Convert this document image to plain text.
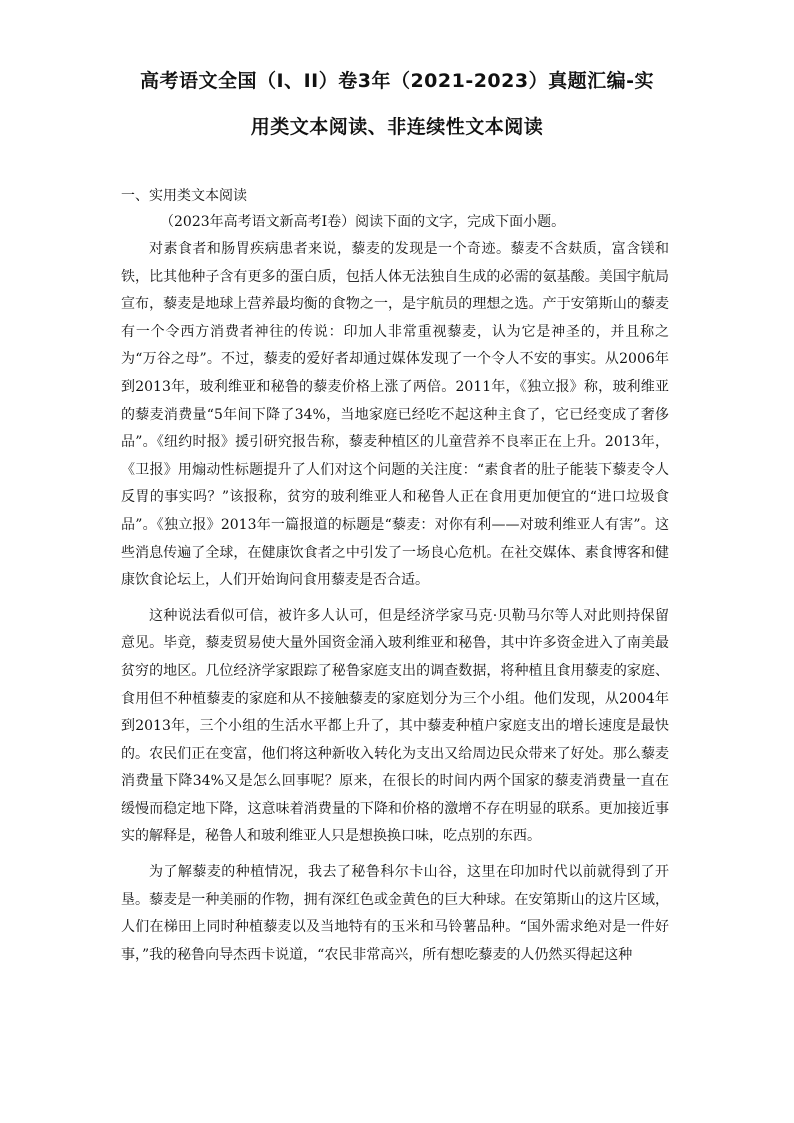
高考语文全国（I、II）卷3年（2021-2023）真题汇编-实
用类文本阅读、非连续性文本阅读

一、实用类文本阅读

（2023年高考语文新高考Ⅰ卷）阅读下面的文字，完成下面小题。

对素食者和肠胃疾病患者来说，藜麦的发现是一个奇迹。藜麦不含麸质，富含镁和铁，比其他种子含有更多的蛋白质，包括人体无法独自生成的必需的氨基酸。美国宇航局宣布，藜麦是地球上营养最均衡的食物之一，是宇航员的理想之选。产于安第斯山的藜麦有一个令西方消费者神往的传说：印加人非常重视藜麦，认为它是神圣的，并且称之为“万谷之母”。不过，藜麦的爱好者却通过媒体发现了一个令人不安的事实。从2006年到2013年，玻利维亚和秘鲁的藜麦价格上涨了两倍。2011年，《独立报》称，玻利维亚的藜麦消费量“5年间下降了34%，当地家庭已经吃不起这种主食了，它已经变成了奢侈品”。《纽约时报》援引研究报告称，藜麦种植区的儿童营养不良率正在上升。2013年，《卫报》用煽动性标题提升了人们对这个问题的关注度：“素食者的肚子能装下藜麦令人反胃的事实吗？”该报称，贫穷的玻利维亚人和秘鲁人正在食用更加便宜的“进口垃圾食品”。《独立报》2013年一篇报道的标题是“藜麦：对你有利——对玻利维亚人有害”。这些消息传遍了全球，在健康饮食者之中引发了一场良心危机。在社交媒体、素食博客和健康饮食论坛上，人们开始询问食用藜麦是否合适。

这种说法看似可信，被许多人认可，但是经济学家马克·贝勒马尔等人对此则持保留意见。毕竟，藜麦贸易使大量外国资金涌入玻利维亚和秘鲁，其中许多资金进入了南美最贫穷的地区。几位经济学家跟踪了秘鲁家庭支出的调查数据，将种植且食用藜麦的家庭、食用但不种植藜麦的家庭和从不接触藜麦的家庭划分为三个小组。他们发现，从2004年到2013年，三个小组的生活水平都上升了，其中藜麦种植户家庭支出的增长速度是最快的。农民们正在变富，他们将这种新收入转化为支出又给周边民众带来了好处。那么藜麦消费量下降34%又是怎么回事呢？原来，在很长的时间内两个国家的藜麦消费量一直在缓慢而稳定地下降，这意味着消费量的下降和价格的激增不存在明显的联系。更加接近事实的解释是，秘鲁人和玻利维亚人只是想换换口味，吃点别的东西。

为了解藜麦的种植情况，我去了秘鲁科尔卡山谷，这里在印加时代以前就得到了开垦。藜麦是一种美丽的作物，拥有深红色或金黄色的巨大种球。在安第斯山的这片区域，人们在梯田上同时种植藜麦以及当地特有的玉米和马铃薯品种。“国外需求绝对是一件好事，”我的秘鲁向导杰西卡说道，“农民非常高兴，所有想吃藜麦的人仍然买得起这种
